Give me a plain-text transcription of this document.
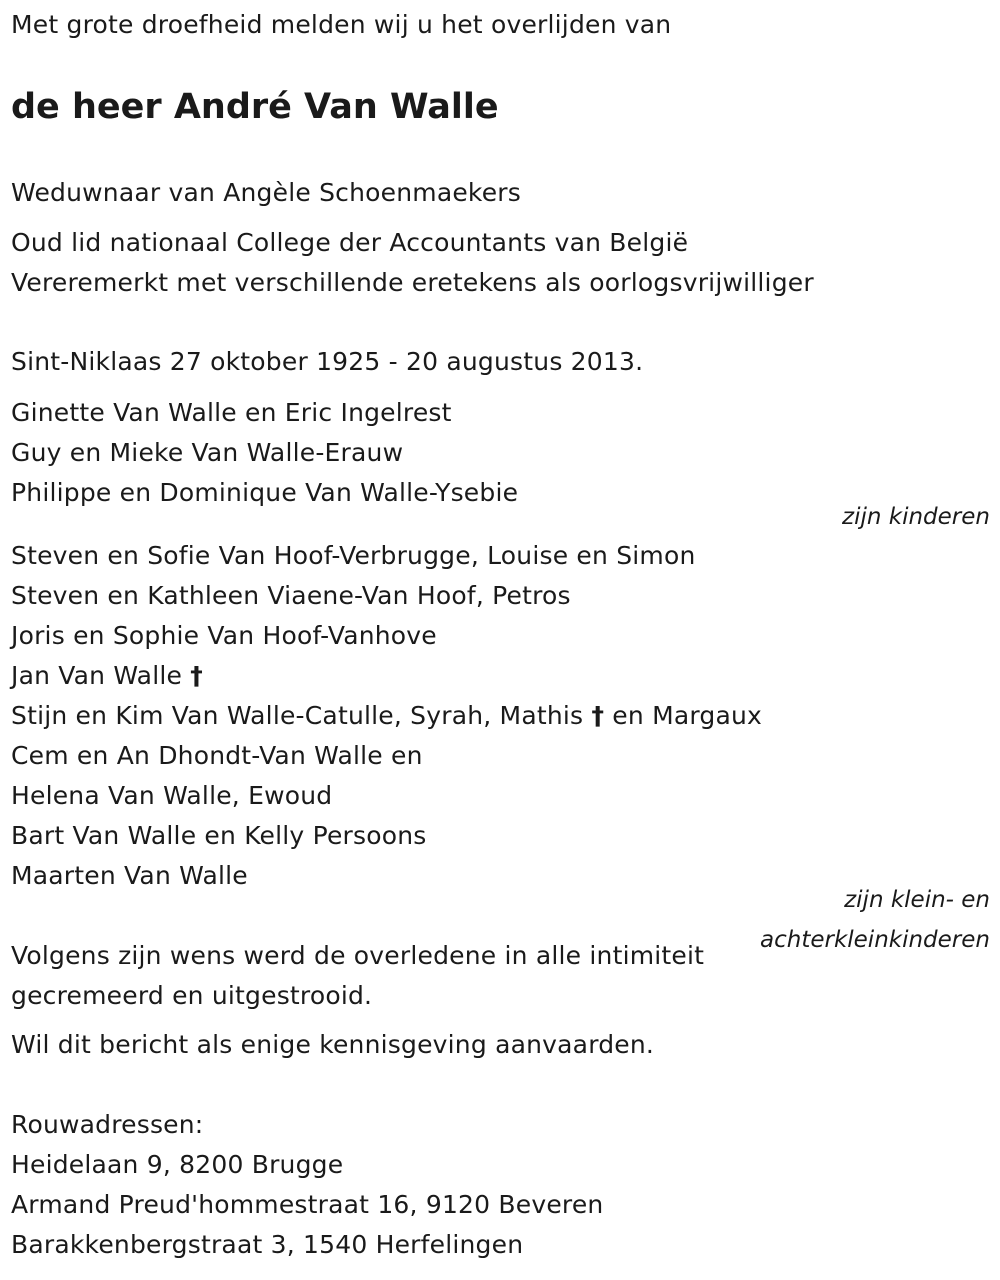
Met grote droefheid melden wij u het overlijden van
de heer André Van Walle
Weduwnaar van Angèle Schoenmaekers
Oud lid nationaal College der Accountants van België
Vereremerkt met verschillende eretekens als oorlogsvrijwilliger
Sint-Niklaas 27 oktober 1925 - 20 augustus 2013.
Ginette Van Walle en Eric Ingelrest
Guy en Mieke Van Walle-Erauw
Philippe en Dominique Van Walle-Ysebie
zijn kinderen
Steven en Sofie Van Hoof-Verbrugge, Louise en Simon
Steven en Kathleen Viaene-Van Hoof, Petros
Joris en Sophie Van Hoof-Vanhove
Jan Van Walle †
Stijn en Kim Van Walle-Catulle, Syrah, Mathis † en Margaux
Cem en An Dhondt-Van Walle en
Helena Van Walle, Ewoud
Bart Van Walle en Kelly Persoons
Maarten Van Walle
zijn klein- en
achterkleinkinderen
Volgens zijn wens werd de overledene in alle intimiteit
gecremeerd en uitgestrooid.
Wil dit bericht als enige kennisgeving aanvaarden.
Rouwadressen:
Heidelaan 9, 8200 Brugge
Armand Preud'hommestraat 16, 9120 Beveren
Barakkenbergstraat 3, 1540 Herfelingen
